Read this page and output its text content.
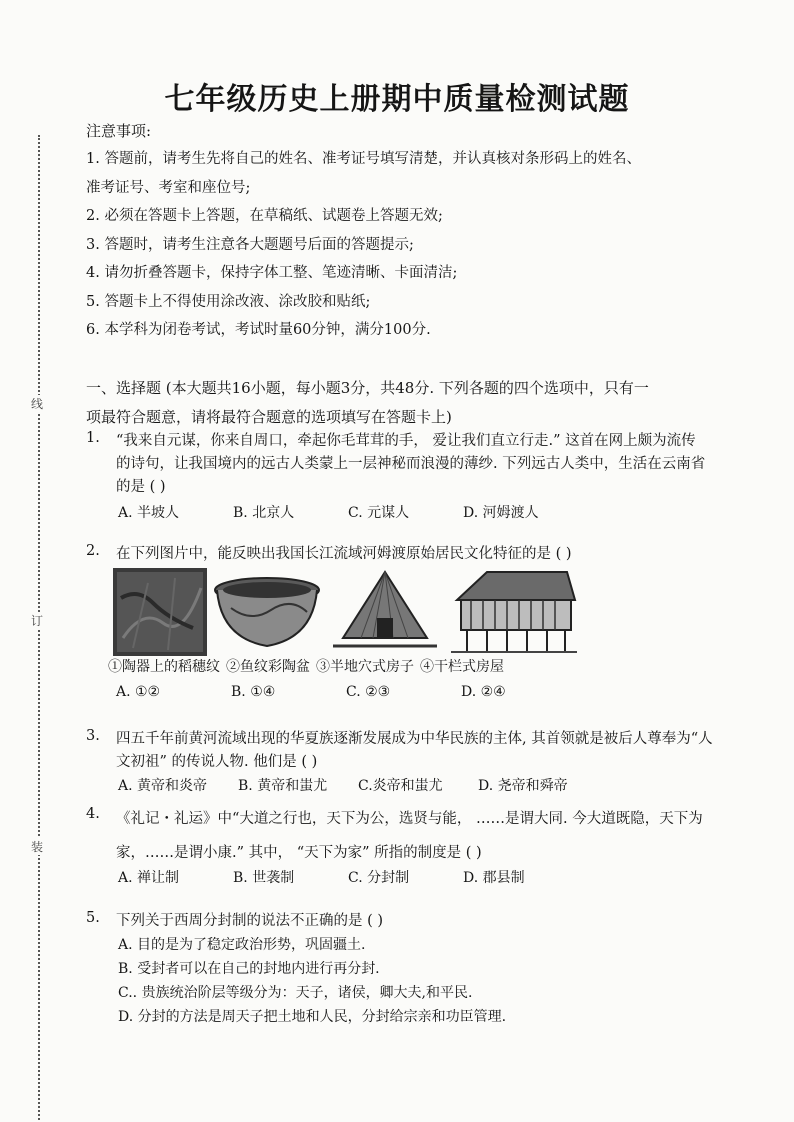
线
订
装
七年级历史上册期中质量检测试题
注意事项:

1. 答题前，请考生先将自己的姓名、准考证号填写清楚，并认真核对条形码上的姓名、

准考证号、考室和座位号;

2. 必须在答题卡上答题，在草稿纸、试题卷上答题无效;

3. 答题时，请考生注意各大题题号后面的答题提示;

4. 请勿折叠答题卡，保持字体工整、笔迹清晰、卡面清洁;

5. 答题卡上不得使用涂改液、涂改胶和贴纸;

6. 本学科为闭卷考试，考试时量60分钟，满分100分.

一、选择题 (本大题共16小题，每小题3分，共48分. 下列各题的四个选项中，只有一

项最符合题意，请将最符合题意的选项填写在答题卡上)

1. “我来自元谋，你来自周口，牵起你毛茸茸的手， 爱让我们直立行走.” 这首在网上颇为流传
的诗句，让我国境内的远古人类蒙上一层神秘而浪漫的薄纱. 下列远古人类中，生活在云南省
的是 ( )
A. 半坡人	B. 北京人	C. 元谋人	D. 河姆渡人
2. 在下列图片中，能反映出我国长江流域河姆渡原始居民文化特征的是 ( )
①陶器上的稻穗纹 ②鱼纹彩陶盆 ③半地穴式房子 ④干栏式房屋
A. ①②	B. ①④	C. ②③	D. ②④
3. 四五千年前黄河流域出现的华夏族逐渐发展成为中华民族的主体, 其首领就是被后人尊奉为“人
文初祖” 的传说人物. 他们是 ( )
A. 黄帝和炎帝	B. 黄帝和蚩尤	C.炎帝和蚩尤	D. 尧帝和舜帝
4. 《礼记・礼运》中“大道之行也，天下为公，选贤与能， ……是谓大同. 今大道既隐，天下为
家，……是谓小康.” 其中， “天下为家” 所指的制度是 ( )
A. 禅让制	B. 世袭制	C. 分封制	D. 郡县制
5. 下列关于西周分封制的说法不正确的是 ( )
A. 目的是为了稳定政治形势，巩固疆土.
B. 受封者可以在自己的封地内进行再分封.
C.. 贵族统治阶层等级分为：天子，诸侯，卿大夫,和平民.
D. 分封的方法是周天子把土地和人民，分封给宗亲和功臣管理.
